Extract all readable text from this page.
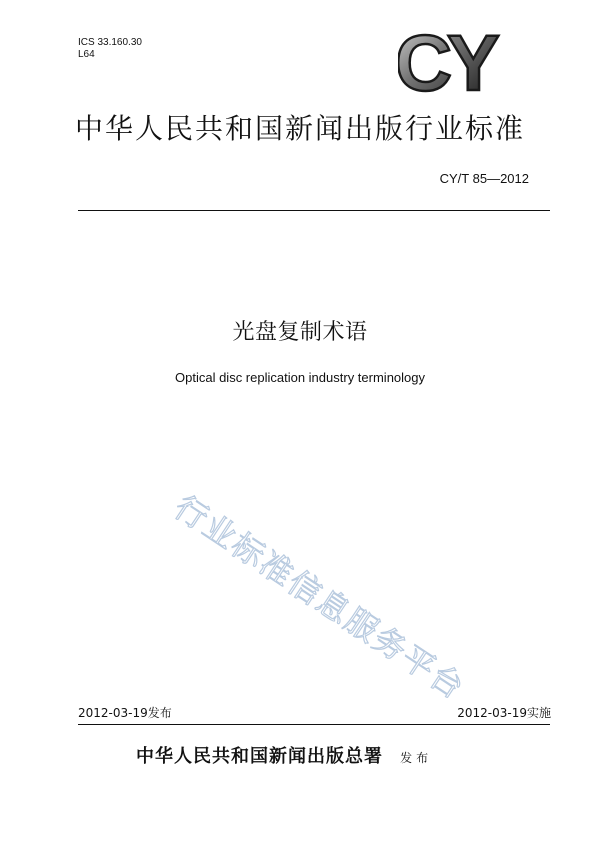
ICS 33.160.30
L64	CY
中华人民共和国新闻出版行业标准
CY/T 85—2012
光盘复制术语
Optical disc replication industry terminology
行业标准信息服务平台
2012-03-19发布	2012-03-19实施
中华人民共和国新闻出版总署 发布
